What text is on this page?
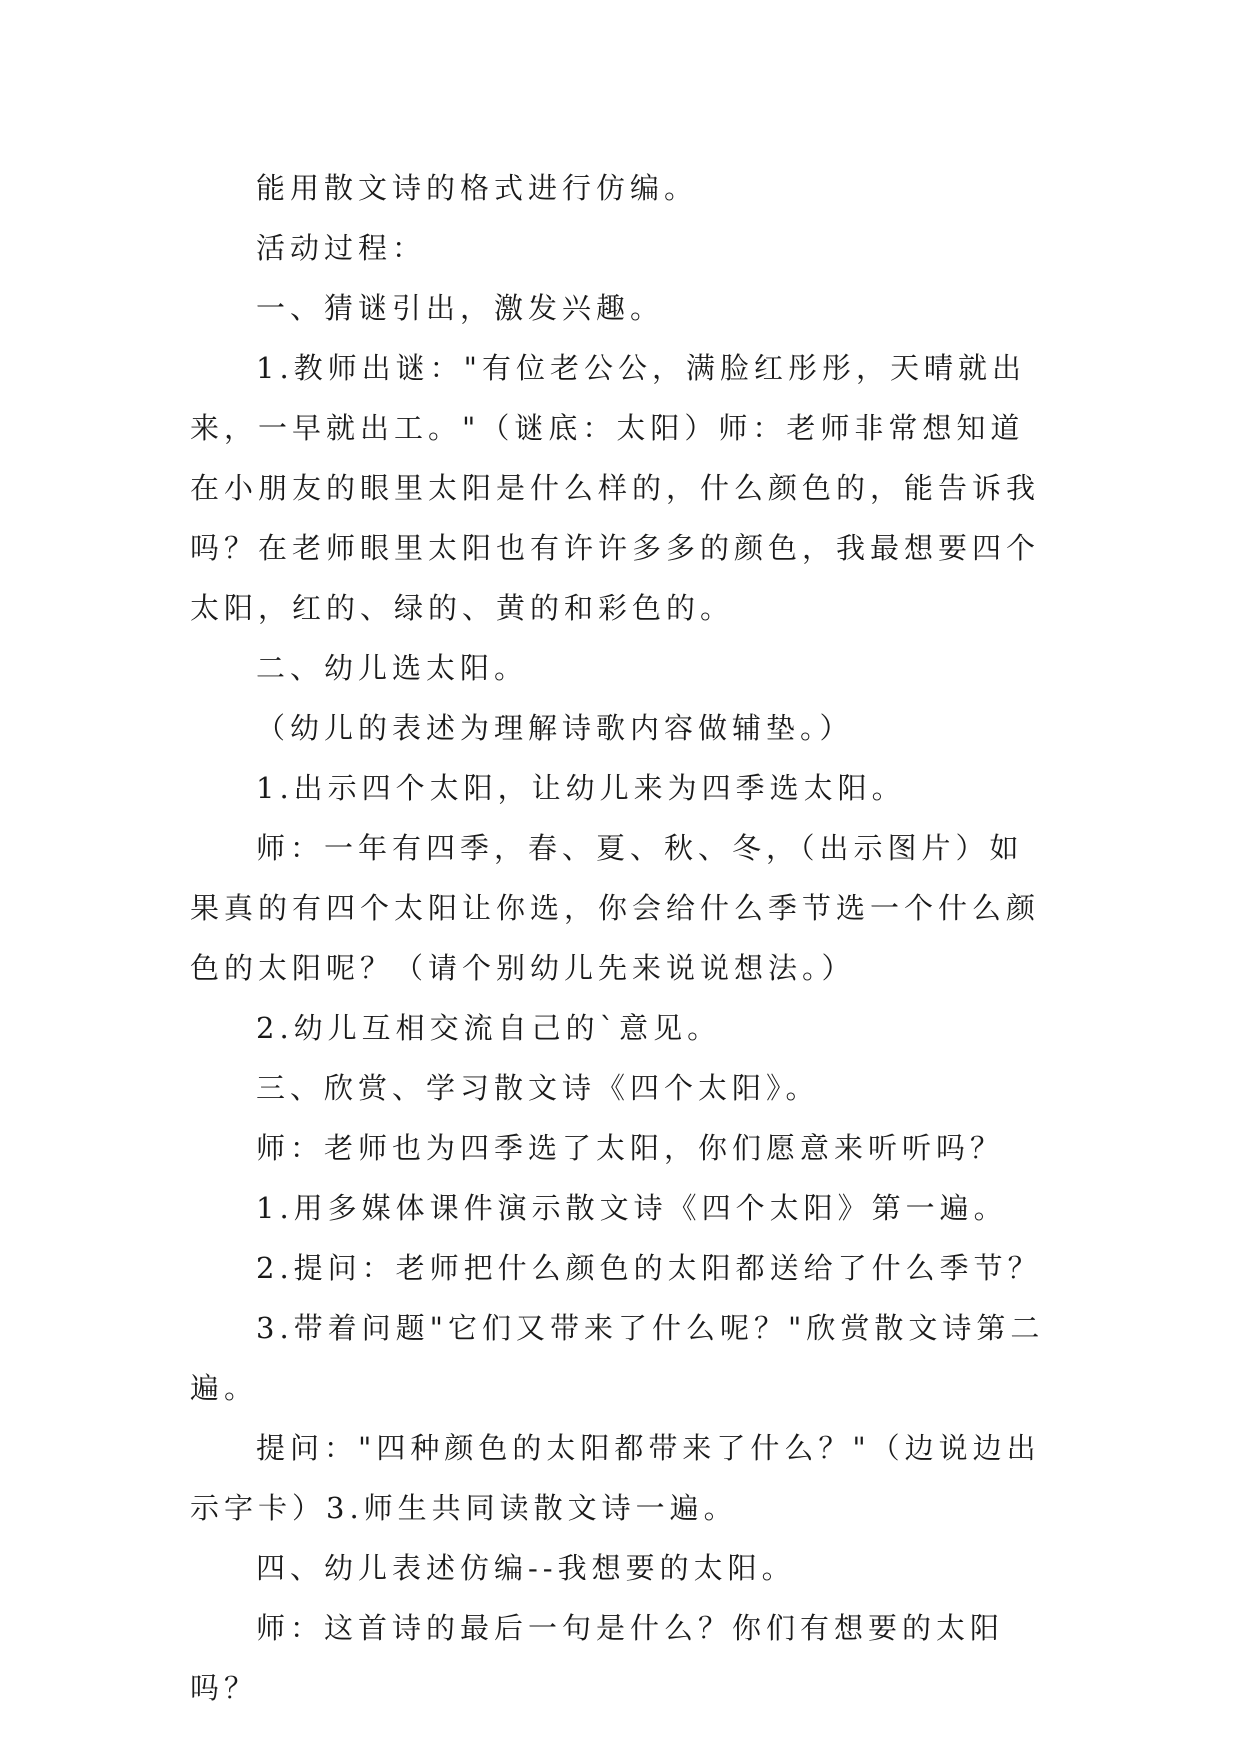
能用散文诗的格式进行仿编。

活动过程：

一、猜谜引出，激发兴趣。

1.教师出谜："有位老公公，满脸红彤彤，天晴就出来，一早就出工。"（谜底：太阳）师：老师非常想知道在小朋友的眼里太阳是什么样的，什么颜色的，能告诉我吗？在老师眼里太阳也有许许多多的颜色，我最想要四个太阳，红的、绿的、黄的和彩色的。

二、幼儿选太阳。

（幼儿的表述为理解诗歌内容做辅垫。）

1.出示四个太阳，让幼儿来为四季选太阳。

师：一年有四季，春、夏、秋、冬，（出示图片）如果真的有四个太阳让你选，你会给什么季节选一个什么颜色的太阳呢？（请个别幼儿先来说说想法。）

2.幼儿互相交流自己的`意见。

三、欣赏、学习散文诗《四个太阳》。

师：老师也为四季选了太阳，你们愿意来听听吗？

1.用多媒体课件演示散文诗《四个太阳》第一遍。

2.提问：老师把什么颜色的太阳都送给了什么季节？

3.带着问题"它们又带来了什么呢？"欣赏散文诗第二遍。

提问："四种颜色的太阳都带来了什么？"（边说边出示字卡）3.师生共同读散文诗一遍。

四、幼儿表述仿编--我想要的太阳。

师：这首诗的最后一句是什么？你们有想要的太阳吗？
